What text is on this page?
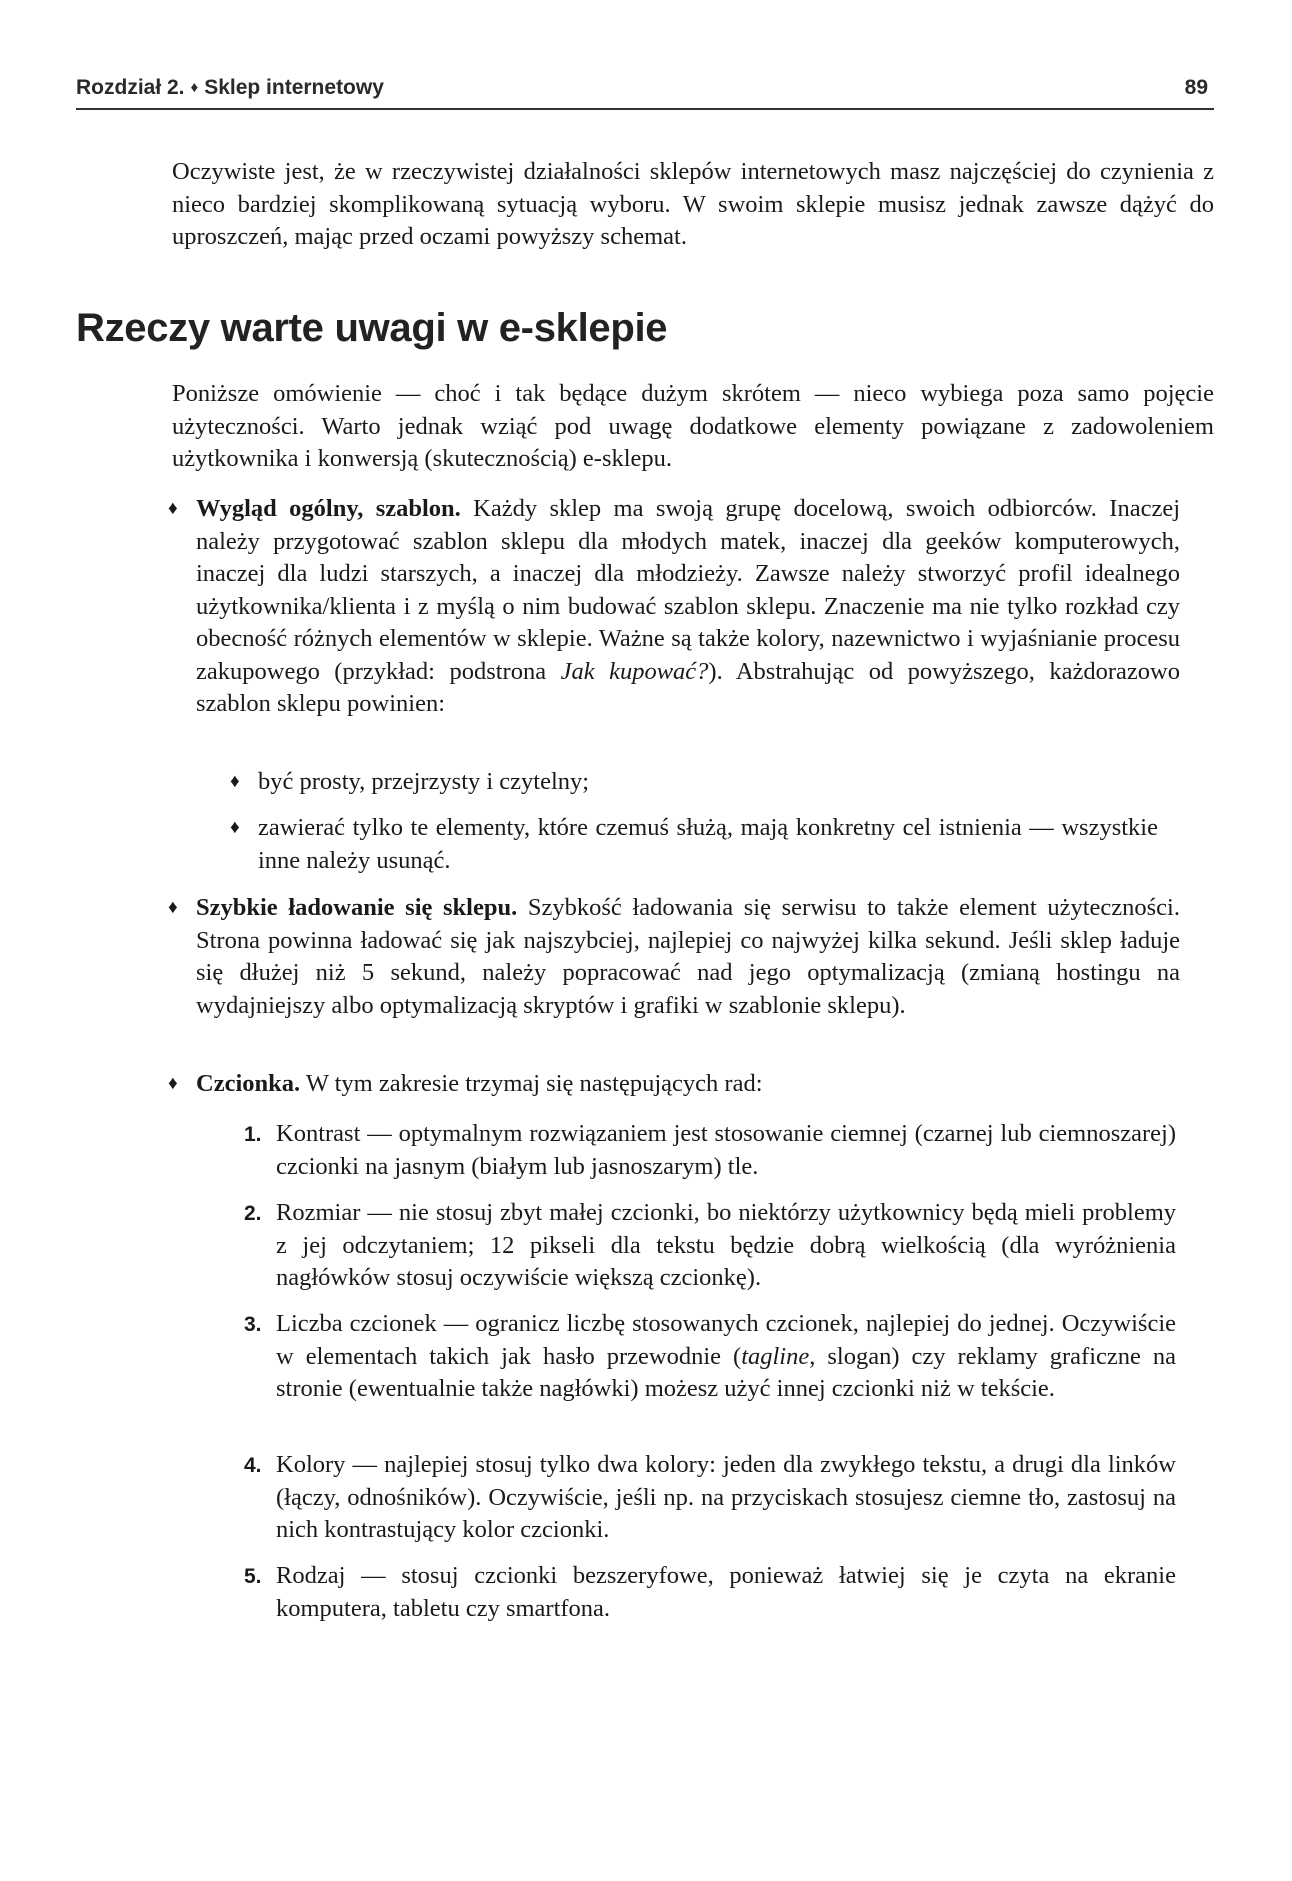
Rozdział 2. ♦ Sklep internetowy	89

Oczywiste jest, że w rzeczywistej działalności sklepów internetowych masz najczęściej do czynienia z nieco bardziej skomplikowaną sytuacją wyboru. W swoim sklepie musisz jednak zawsze dążyć do uproszczeń, mając przed oczami powyższy schemat.

Rzeczy warte uwagi w e-sklepie

Poniższe omówienie — choć i tak będące dużym skrótem — nieco wybiega poza samo pojęcie użyteczności. Warto jednak wziąć pod uwagę dodatkowe elementy powiązane z zadowoleniem użytkownika i konwersją (skutecznością) e-sklepu.

♦ Wygląd ogólny, szablon. Każdy sklep ma swoją grupę docelową, swoich odbiorców. Inaczej należy przygotować szablon sklepu dla młodych matek, inaczej dla geeków komputerowych, inaczej dla ludzi starszych, a inaczej dla młodzieży. Zawsze należy stworzyć profil idealnego użytkownika/klienta i z myślą o nim budować szablon sklepu. Znaczenie ma nie tylko rozkład czy obecność różnych elementów w sklepie. Ważne są także kolory, nazewnictwo i wyjaśnianie procesu zakupowego (przykład: podstrona Jak kupować?). Abstrahując od powyższego, każdorazowo szablon sklepu powinien:
♦ być prosty, przejrzysty i czytelny;
♦ zawierać tylko te elementy, które czemuś służą, mają konkretny cel istnienia — wszystkie inne należy usunąć.
♦ Szybkie ładowanie się sklepu. Szybkość ładowania się serwisu to także element użyteczności. Strona powinna ładować się jak najszybciej, najlepiej co najwyżej kilka sekund. Jeśli sklep ładuje się dłużej niż 5 sekund, należy popracować nad jego optymalizacją (zmianą hostingu na wydajniejszy albo optymalizacją skryptów i grafiki w szablonie sklepu).
♦ Czcionka. W tym zakresie trzymaj się następujących rad:
1. Kontrast — optymalnym rozwiązaniem jest stosowanie ciemnej (czarnej lub ciemnoszarej) czcionki na jasnym (białym lub jasnoszarym) tle.
2. Rozmiar — nie stosuj zbyt małej czcionki, bo niektórzy użytkownicy będą mieli problemy z jej odczytaniem; 12 pikseli dla tekstu będzie dobrą wielkością (dla wyróżnienia nagłówków stosuj oczywiście większą czcionkę).
3. Liczba czcionek — ogranicz liczbę stosowanych czcionek, najlepiej do jednej. Oczywiście w elementach takich jak hasło przewodnie (tagline, slogan) czy reklamy graficzne na stronie (ewentualnie także nagłówki) możesz użyć innej czcionki niż w tekście.
4. Kolory — najlepiej stosuj tylko dwa kolory: jeden dla zwykłego tekstu, a drugi dla linków (łączy, odnośników). Oczywiście, jeśli np. na przyciskach stosujesz ciemne tło, zastosuj na nich kontrastujący kolor czcionki.
5. Rodzaj — stosuj czcionki bezszeryfowe, ponieważ łatwiej się je czyta na ekranie komputera, tabletu czy smartfona.
